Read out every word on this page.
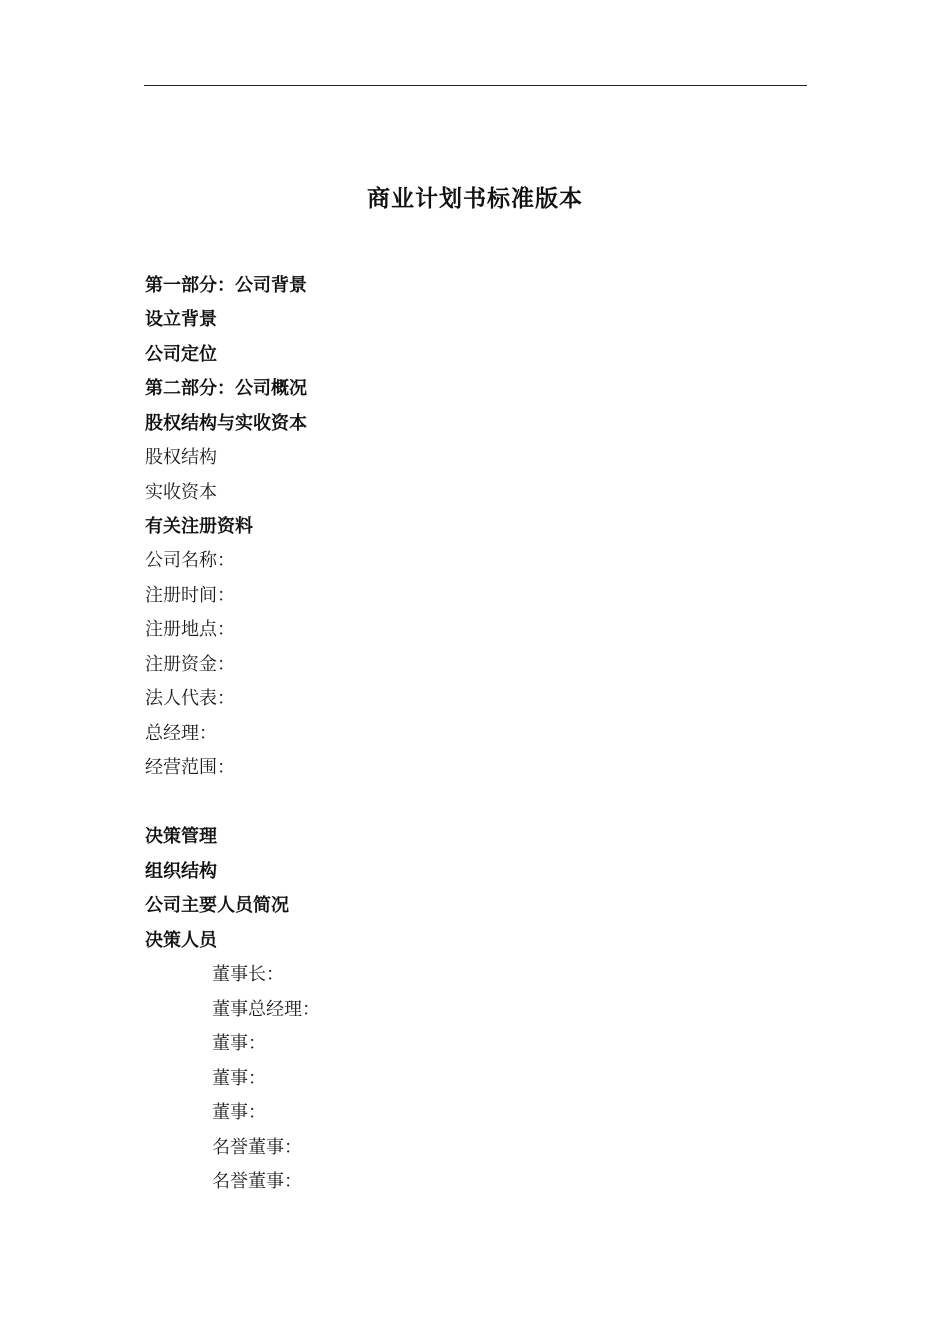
商业计划书标准版本
第一部分：公司背景
设立背景
公司定位
第二部分：公司概况
股权结构与实收资本
股权结构
实收资本
有关注册资料
公司名称：
注册时间：
注册地点：
注册资金：
法人代表：
总经理：
经营范围：
决策管理
组织结构
公司主要人员简况
决策人员
董事长：
董事总经理：
董事：
董事：
董事：
名誉董事：
名誉董事：
